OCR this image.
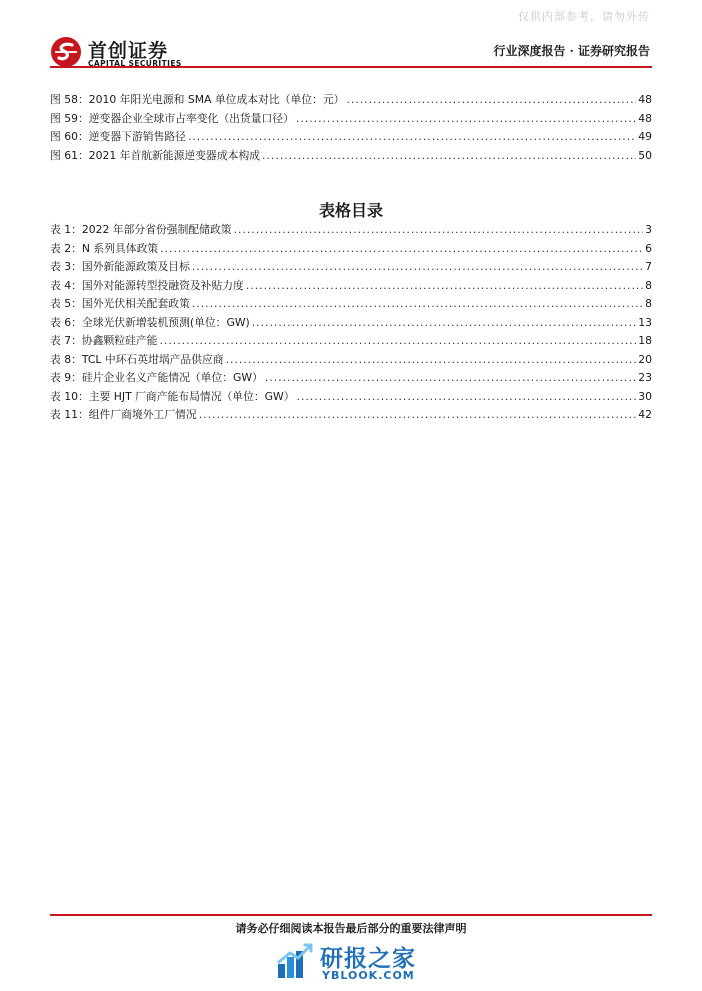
仅供内部参考，请勿外传
首创证券
CAPITAL SECURITIES
行业深度报告 · 证券研究报告
图 58：2010 年阳光电源和 SMA 单位成本对比（单位：元） .....	48
图 59：逆变器企业全球市占率变化（出货量口径） .....	48
图 60：逆变器下游销售路径 .....	49
图 61：2021 年首航新能源逆变器成本构成 .....	50
表格目录
表 1：2022 年部分省份强制配储政策 .....	3
表 2：N 系列具体政策 .....	6
表 3：国外新能源政策及目标 .....	7
表 4：国外对能源转型投融资及补贴力度 .....	8
表 5：国外光伏相关配套政策 .....	8
表 6：全球光伏新增装机预测(单位：GW) .....	13
表 7：协鑫颗粒硅产能 .....	18
表 8：TCL 中环石英坩埚产品供应商 .....	20
表 9：硅片企业名义产能情况（单位：GW） .....	23
表 10：主要 HJT 厂商产能布局情况（单位：GW） .....	30
表 11：组件厂商境外工厂情况 .....	42
请务必仔细阅读本报告最后部分的重要法律声明
研报之家
YBLOOK.COM
